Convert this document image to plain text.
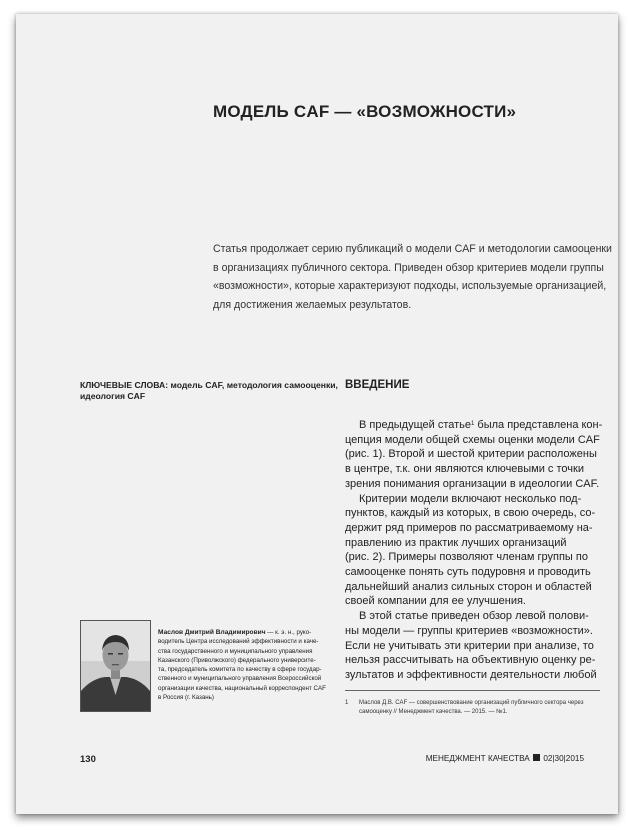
МОДЕЛЬ CAF — «ВОЗМОЖНОСТИ»
Статья продолжает серию публикаций о модели CAF и методологии самооценки
в организациях публичного сектора. Приведен обзор критериев модели группы
«возможности», которые характеризуют подходы, используемые организацией,
для достижения желаемых результатов.
КЛЮЧЕВЫЕ СЛОВА: модель CAF, методология самооценки,
идеология CAF
ВВЕДЕНИЕ
В предыдущей статье$^1$ была представлена кон-
цепция модели общей схемы оценки модели CAF
(рис. 1). Второй и шестой критерии расположены
в центре, т.к. они являются ключевыми с точки
зрения понимания организации в идеологии CAF.
Критерии модели включают несколько под-
пунктов, каждый из которых, в свою очередь, со-
держит ряд примеров по рассматриваемому на-
правлению из практик лучших организаций
(рис. 2). Примеры позволяют членам группы по
самооценке понять суть подуровня и проводить
дальнейший анализ сильных сторон и областей
своей компании для ее улучшения.
В этой статье приведен обзор левой полови-
ны модели — группы критериев «возможности».
Если не учитывать эти критерии при анализе, то
нельзя рассчитывать на объективную оценку ре-
зультатов и эффективности деятельности любой
Маслов Дмитрий Владимирович — к. э. н., руко-
водитель Центра исследований эффективности и каче-
ства государственного и муниципального управления
Казанского (Приволжского) федерального университе-
та, председатель комитета по качеству в сфере государ-
ственного и муниципального управления Всероссийской
организации качества, национальный корреспондент CAF
в Россия (г. Казань)
1 Маслов Д.В. CAF — совершенствование организаций публичного сектора через
самооценку // Менеджмент качества. — 2015. — №1.
130	МЕНЕДЖМЕНТ КАЧЕСТВА 02|30|2015
